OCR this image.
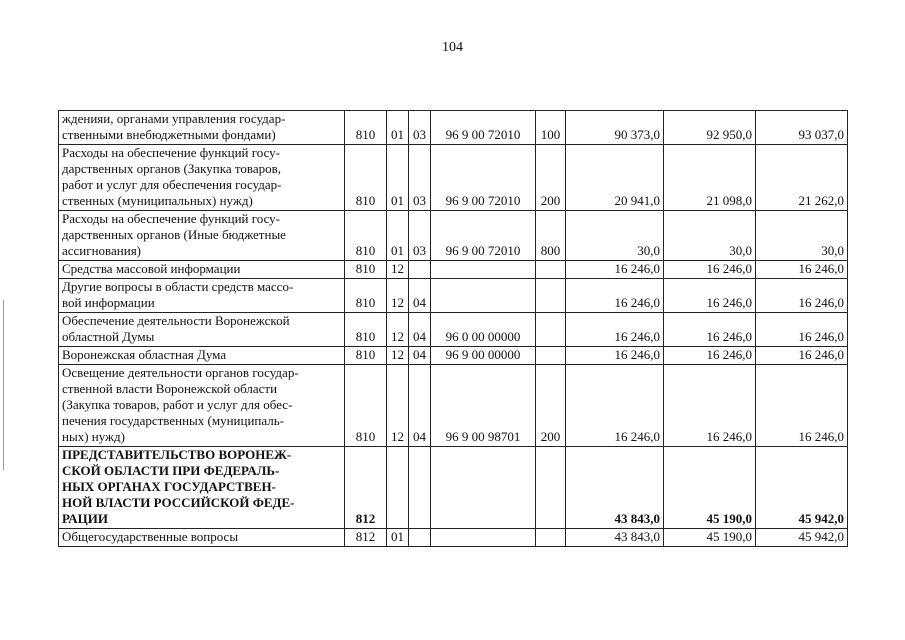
104
жденияи, органами управления государ-
ственными внебюджетными фондами)	810	01	03	96 9 00 72010	100	90 373,0	92 950,0	93 037,0

Расходы на обеспечение функций госу-
дарственных органов (Закупка товаров,
работ и услуг для обеспечения государ-
ственных (муниципальных) нужд)	810	01	03	96 9 00 72010	200	20 941,0	21 098,0	21 262,0

Расходы на обеспечение функций госу-
дарственных органов (Иные бюджетные
ассигнования)	810	01	03	96 9 00 72010	800	30,0	30,0	30,0

Средства массовой информации	810	12				16 246,0	16 246,0	16 246,0

Другие вопросы в области средств массо-
вой информации	810	12	04			16 246,0	16 246,0	16 246,0

Обеспечение деятельности Воронежской
областной Думы	810	12	04	96 0 00 00000		16 246,0	16 246,0	16 246,0

Воронежская областная Дума	810	12	04	96 9 00 00000		16 246,0	16 246,0	16 246,0

Освещение деятельности органов государ-
ственной власти Воронежской области
(Закупка товаров, работ и услуг для обес-
печения государственных (муниципаль-
ных) нужд)	810	12	04	96 9 00 98701	200	16 246,0	16 246,0	16 246,0

ПРЕДСТАВИТЕЛЬСТВО ВОРОНЕЖ-
СКОЙ ОБЛАСТИ ПРИ ФЕДЕРАЛЬ-
НЫХ ОРГАНАХ ГОСУДАРСТВЕН-
НОЙ ВЛАСТИ РОССИЙСКОЙ ФЕДЕ-
РАЦИИ	812					43 843,0	45 190,0	45 942,0

Общегосударственные вопросы	812	01				43 843,0	45 190,0	45 942,0
